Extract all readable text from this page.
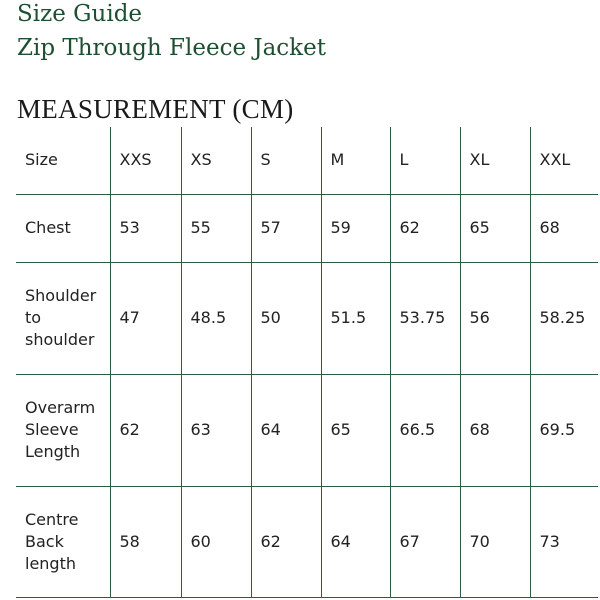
Size Guide
Zip Through Fleece Jacket
MEASUREMENT (CM)
Size	XXS	XS	S	M	L	XL	XXL
Chest	53	55	57	59	62	65	68
Shoulder
to
shoulder	47	48.5	50	51.5	53.75	56	58.25
Overarm
Sleeve
Length	62	63	64	65	66.5	68	69.5
Centre
Back
length	58	60	62	64	67	70	73
